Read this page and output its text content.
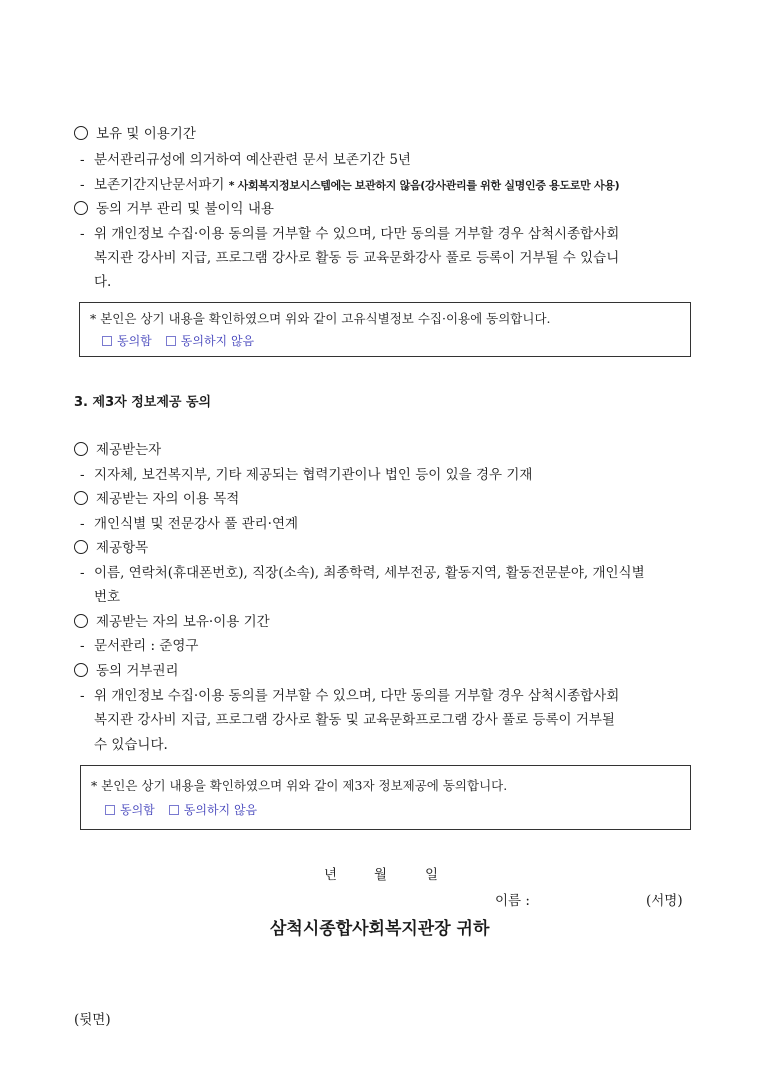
보유 및 이용기간
- 분서관리규성에 의거하여 예산관련 문서 보존기간 5년
- 보존기간지난문서파기 * 사회복지정보시스템에는 보관하지 않음(강사관리를 위한 실명인증 용도로만 사용)
동의 거부 관리 및 불이익 내용
- 위 개인정보 수집·이용 동의를 거부할 수 있으며, 다만 동의를 거부할 경우 삼척시종합사회
복지관 강사비 지급, 프로그램 강사로 활동 등 교육문화강사 풀로 등록이 거부될 수 있습니
다.
* 본인은 상기 내용을 확인하였으며 위와 같이 고유식별정보 수집·이용에 동의합니다.
동의함
동의하지 않음
3. 제3자 정보제공 동의
제공받는자
- 지자체, 보건복지부, 기타 제공되는 협력기관이나 법인 등이 있을 경우 기재
제공받는 자의 이용 목적
- 개인식별 및 전문강사 풀 관리·연계
제공항목
- 이름, 연락처(휴대폰번호), 직장(소속), 최종학력, 세부전공, 활동지역, 활동전문분야, 개인식별
번호
제공받는 자의 보유·이용 기간
- 문서관리 : 준영구
동의 거부권리
- 위 개인정보 수집·이용 동의를 거부할 수 있으며, 다만 동의를 거부할 경우 삼척시종합사회
복지관 강사비 지급, 프로그램 강사로 활동 및 교육문화프로그램 강사 풀로 등록이 거부될
수 있습니다.
* 본인은 상기 내용을 확인하였으며 위와 같이 제3자 정보제공에 동의합니다.
동의함
동의하지 않음
년	월	일
이름 :	(서명)
삼척시종합사회복지관장 귀하
(뒷면)
